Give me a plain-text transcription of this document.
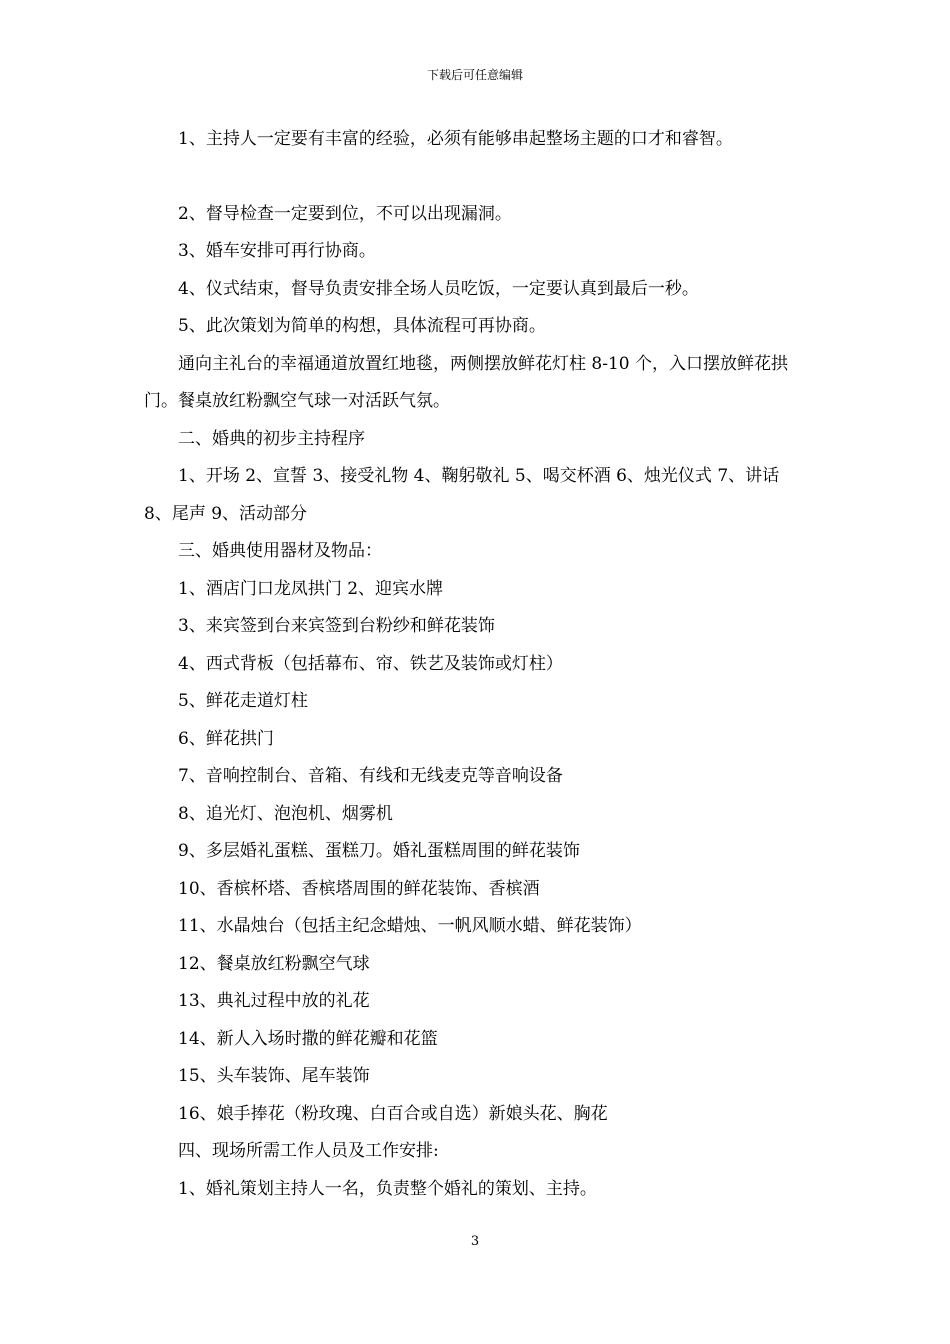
下载后可任意编辑

1、主持人一定要有丰富的经验，必须有能够串起整场主题的口才和睿智。

2、督导检查一定要到位，不可以出现漏洞。

3、婚车安排可再行协商。

4、仪式结束，督导负责安排全场人员吃饭，一定要认真到最后一秒。

5、此次策划为简单的构想，具体流程可再协商。

通向主礼台的幸福通道放置红地毯，两侧摆放鲜花灯柱 8-10 个，入口摆放鲜花拱门。餐桌放红粉飘空气球一对活跃气氛。

二、婚典的初步主持程序

1、开场 2、宣誓 3、接受礼物 4、鞠躬敬礼 5、喝交杯酒 6、烛光仪式 7、讲话 8、尾声 9、活动部分

三、婚典使用器材及物品：

1、酒店门口龙凤拱门 2、迎宾水牌

3、来宾签到台来宾签到台粉纱和鲜花装饰

4、西式背板（包括幕布、帘、铁艺及装饰或灯柱）

5、鲜花走道灯柱

6、鲜花拱门

7、音响控制台、音箱、有线和无线麦克等音响设备

8、追光灯、泡泡机、烟雾机

9、多层婚礼蛋糕、蛋糕刀。婚礼蛋糕周围的鲜花装饰

10、香槟杯塔、香槟塔周围的鲜花装饰、香槟酒

11、水晶烛台（包括主纪念蜡烛、一帆风顺水蜡、鲜花装饰）

12、餐桌放红粉飘空气球

13、典礼过程中放的礼花

14、新人入场时撒的鲜花瓣和花篮

15、头车装饰、尾车装饰

16、娘手捧花（粉玫瑰、白百合或自选）新娘头花、胸花

四、现场所需工作人员及工作安排:

1、婚礼策划主持人一名，负责整个婚礼的策划、主持。

3
